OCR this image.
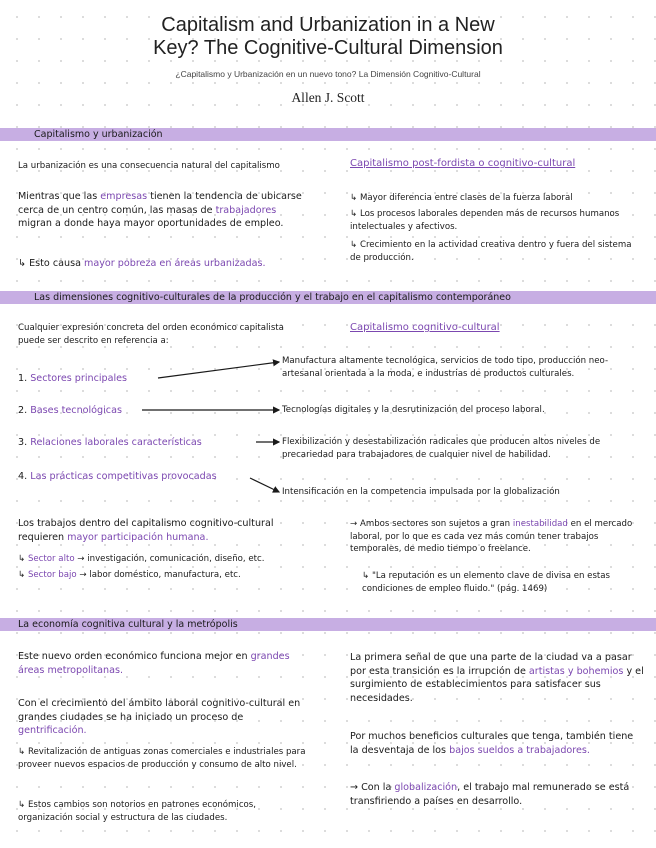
Capitalism and Urbanization in a New
Key? The Cognitive-Cultural Dimension
¿Capitalismo y Urbanización en un nuevo tono? La Dimensión Cognitivo-Cultural
Allen J. Scott
Capitalismo y urbanización

La urbanización es una consecuencia natural del capitalismo

Mientras que las empresas tienen la tendencia de ubicarse cerca de un centro común, las masas de trabajadores migran a donde haya mayor oportunidades de empleo.

↳ Esto causa mayor pobreza en áreas urbanizadas.

Capitalismo post-fordista o cognitivo-cultural

↳ Mayor diferencia entre clases de la fuerza laboral

↳ Los procesos laborales dependen más de recursos humanos intelectuales y afectivos.

↳ Crecimiento en la actividad creativa dentro y fuera del sistema de producción.

Las dimensiones cognitivo-culturales de la producción y el trabajo en el capitalismo contemporáneo

Cualquier expresión concreta del orden económico capitalista puede ser descrito en referencia a:

Capitalismo cognitivo-cultural

1. Sectores principales

2. Bases tecnológicas

3. Relaciones laborales características

4. Las prácticas competitivas provocadas

Manufactura altamente tecnológica, servicios de todo tipo, producción neo-artesanal orientada a la moda, e industrias de productos culturales.

Tecnologías digitales y la desrutinización del proceso laboral.

Flexibilización y desestabilización radicales que producen altos niveles de precariedad para trabajadores de cualquier nivel de habilidad.

Intensificación en la competencia impulsada por la globalización

Los trabajos dentro del capitalismo cognitivo-cultural requieren mayor participación humana.

↳ Sector alto → investigación, comunicación, diseño, etc.

↳ Sector bajo → labor doméstico, manufactura, etc.

→ Ambos sectores son sujetos a gran inestabilidad en el mercado laboral, por lo que es cada vez más común tener trabajos temporales, de medio tiempo o freelance.

↳ "La reputación es un elemento clave de divisa en estas condiciones de empleo fluido." (pág. 1469)

La economía cognitiva cultural y la metrópolis

Este nuevo orden económico funciona mejor en grandes áreas metropolitanas.

Con el crecimiento del ámbito laboral cognitivo-cultural en grandes ciudades se ha iniciado un proceso de gentrificación.

↳ Revitalización de antiguas zonas comerciales e industriales para proveer nuevos espacios de producción y consumo de alto nivel.

↳ Estos cambios son notorios en patrones económicos, organización social y estructura de las ciudades.

La primera señal de que una parte de la ciudad va a pasar por esta transición es la irrupción de artistas y bohemios y el surgimiento de establecimientos para satisfacer sus necesidades.

Por muchos beneficios culturales que tenga, también tiene la desventaja de los bajos sueldos a trabajadores.

→ Con la globalización, el trabajo mal remunerado se está transfiriendo a países en desarrollo.
